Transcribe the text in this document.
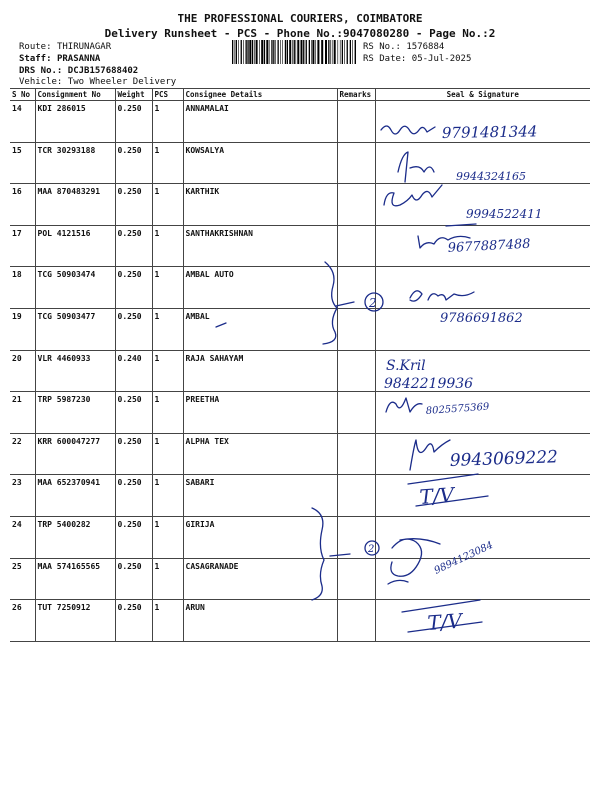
THE PROFESSIONAL COURIERS, COIMBATORE
Delivery Runsheet - PCS - Phone No.:9047080280 - Page No.:2
Route: THIRUNAGAR
Staff: PRASANNA
DRS No.: DCJB157688402
Vehicle: Two Wheeler Delivery
RS No.: 1576884
RS Date: 05-Jul-2025
S No	Consignment No	Weight	PCS	Consignee Details	Remarks	Seal & Signature
14	KDI 286015	0.250	1	ANNAMALAI		
15	TCR 30293188	0.250	1	KOWSALYA		
16	MAA 870483291	0.250	1	KARTHIK		
17	POL 4121516	0.250	1	SANTHAKRISHNAN		
18	TCG 50903474	0.250	1	AMBAL AUTO		
19	TCG 50903477	0.250	1	AMBAL		
20	VLR 4460933	0.240	1	RAJA SAHAYAM		
21	TRP 5987230	0.250	1	PREETHA		
22	KRR 600047277	0.250	1	ALPHA TEX		
23	MAA 652370941	0.250	1	SABARI		
24	TRP 5400282	0.250	1	GIRIJA		
25	MAA 574165565	0.250	1	CASAGRANADE		
26	TUT 7250912	0.250	1	ARUN		
9791481344
9944324165
9994522411
9677887488
2
9786691862
S.Kril
9842219936
8025575369
9943069222
T/V
2	9894123084
T/V
